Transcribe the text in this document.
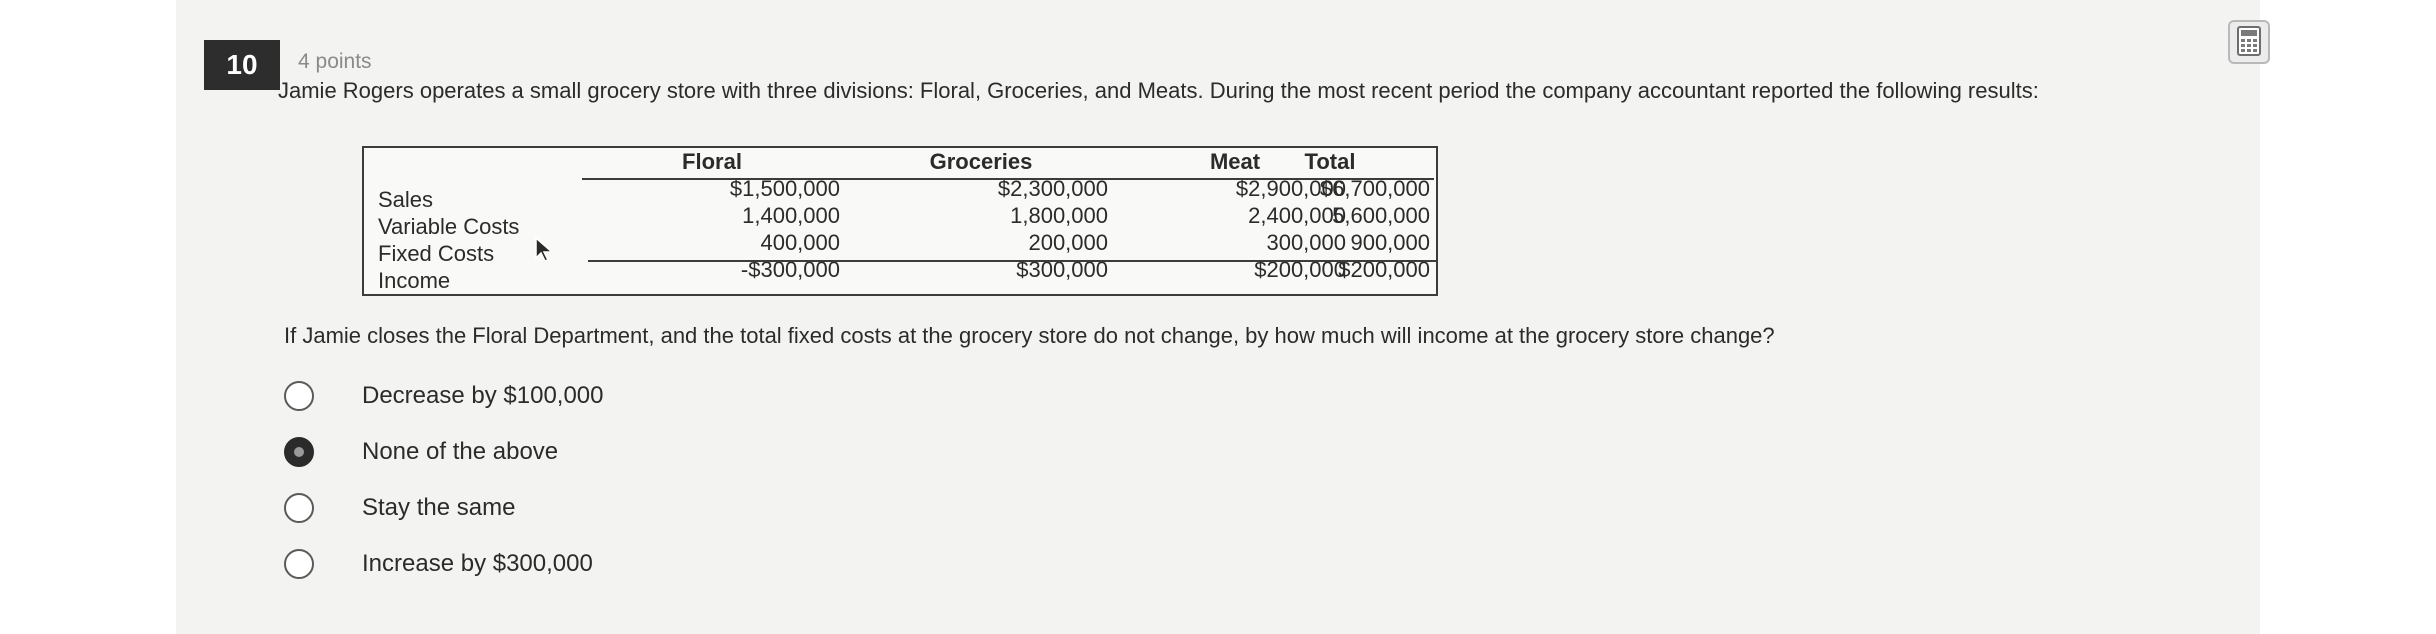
10	4 points
Jamie Rogers operates a small grocery store with three divisions: Floral, Groceries, and Meats. During the most recent period the company accountant reported the following results:
Sales
Variable Costs
Fixed Costs
Income
Floral
$1,500,000
1,400,000
400,000
-$300,000
Groceries
$2,300,000
1,800,000
200,000
$300,000
Meat
$2,900,000
2,400,000
300,000
$200,000
Total
$6,700,000
5,600,000
900,000
$200,000
If Jamie closes the Floral Department, and the total fixed costs at the grocery store do not change, by how much will income at the grocery store change?
Decrease by $100,000
None of the above
Stay the same
Increase by $300,000
